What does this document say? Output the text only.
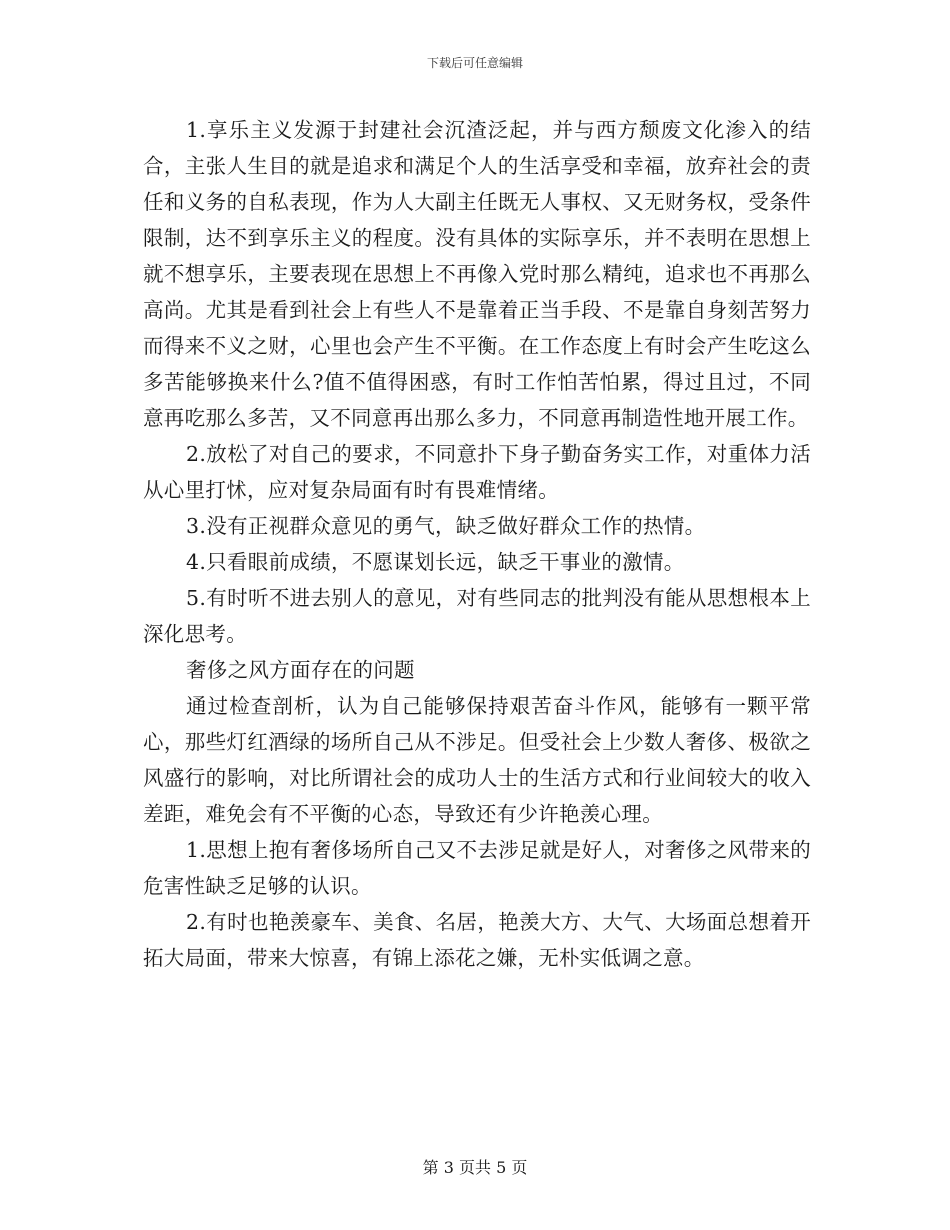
下载后可任意编辑

1.享乐主义发源于封建社会沉渣泛起，并与西方颓废文化渗入的结合，主张人生目的就是追求和满足个人的生活享受和幸福，放弃社会的责任和义务的自私表现，作为人大副主任既无人事权、又无财务权，受条件限制，达不到享乐主义的程度。没有具体的实际享乐，并不表明在思想上就不想享乐，主要表现在思想上不再像入党时那么精纯，追求也不再那么高尚。尤其是看到社会上有些人不是靠着正当手段、不是靠自身刻苦努力而得来不义之财，心里也会产生不平衡。在工作态度上有时会产生吃这么多苦能够换来什么?值不值得困惑，有时工作怕苦怕累，得过且过，不同意再吃那么多苦，又不同意再出那么多力，不同意再制造性地开展工作。

2.放松了对自己的要求，不同意扑下身子勤奋务实工作，对重体力活从心里打怵，应对复杂局面有时有畏难情绪。

3.没有正视群众意见的勇气，缺乏做好群众工作的热情。

4.只看眼前成绩，不愿谋划长远，缺乏干事业的激情。

5.有时听不进去别人的意见，对有些同志的批判没有能从思想根本上深化思考。

奢侈之风方面存在的问题

通过检查剖析，认为自己能够保持艰苦奋斗作风，能够有一颗平常心，那些灯红酒绿的场所自己从不涉足。但受社会上少数人奢侈、极欲之风盛行的影响，对比所谓社会的成功人士的生活方式和行业间较大的收入差距，难免会有不平衡的心态，导致还有少许艳羡心理。

1.思想上抱有奢侈场所自己又不去涉足就是好人，对奢侈之风带来的危害性缺乏足够的认识。

2.有时也艳羡豪车、美食、名居，艳羡大方、大气、大场面总想着开拓大局面，带来大惊喜，有锦上添花之嫌，无朴实低调之意。

第 3 页共 5 页
